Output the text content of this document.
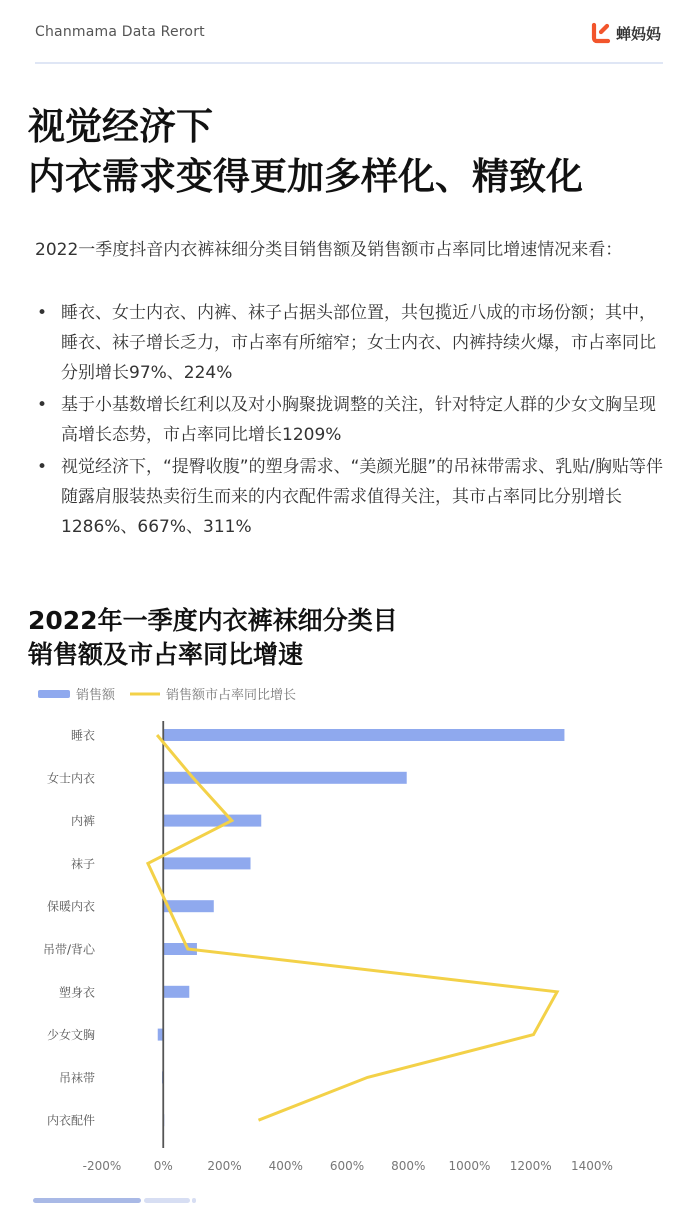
Chanmama Data Rerort	蝉妈妈
视觉经济下
内衣需求变得更加多样化、精致化
2022一季度抖音内衣裤袜细分类目销售额及销售额市占率同比增速情况来看：
• 睡衣、女士内衣、内裤、袜子占据头部位置，共包揽近八成的市场份额；其中，睡衣、袜子增长乏力，市占率有所缩窄；女士内衣、内裤持续火爆，市占率同比分别增长97%、224%
• 基于小基数增长红利以及对小胸聚拢调整的关注，针对特定人群的少女文胸呈现高增长态势，市占率同比增长1209%
• 视觉经济下，“提臀收腹”的塑身需求、“美颜光腿”的吊袜带需求、乳贴/胸贴等伴随露肩服装热卖衍生而来的内衣配件需求值得关注，其市占率同比分别增长1286%、667%、311%
2022年一季度内衣裤袜细分类目
销售额及市占率同比增速
销售额	销售额市占率同比增长
睡衣
女士内衣
内裤
袜子
保暖内衣
吊带/背心
塑身衣
少女文胸
吊袜带
内衣配件
-200%	0%	200% 400% 600% 800% 1000% 1200% 1400%
